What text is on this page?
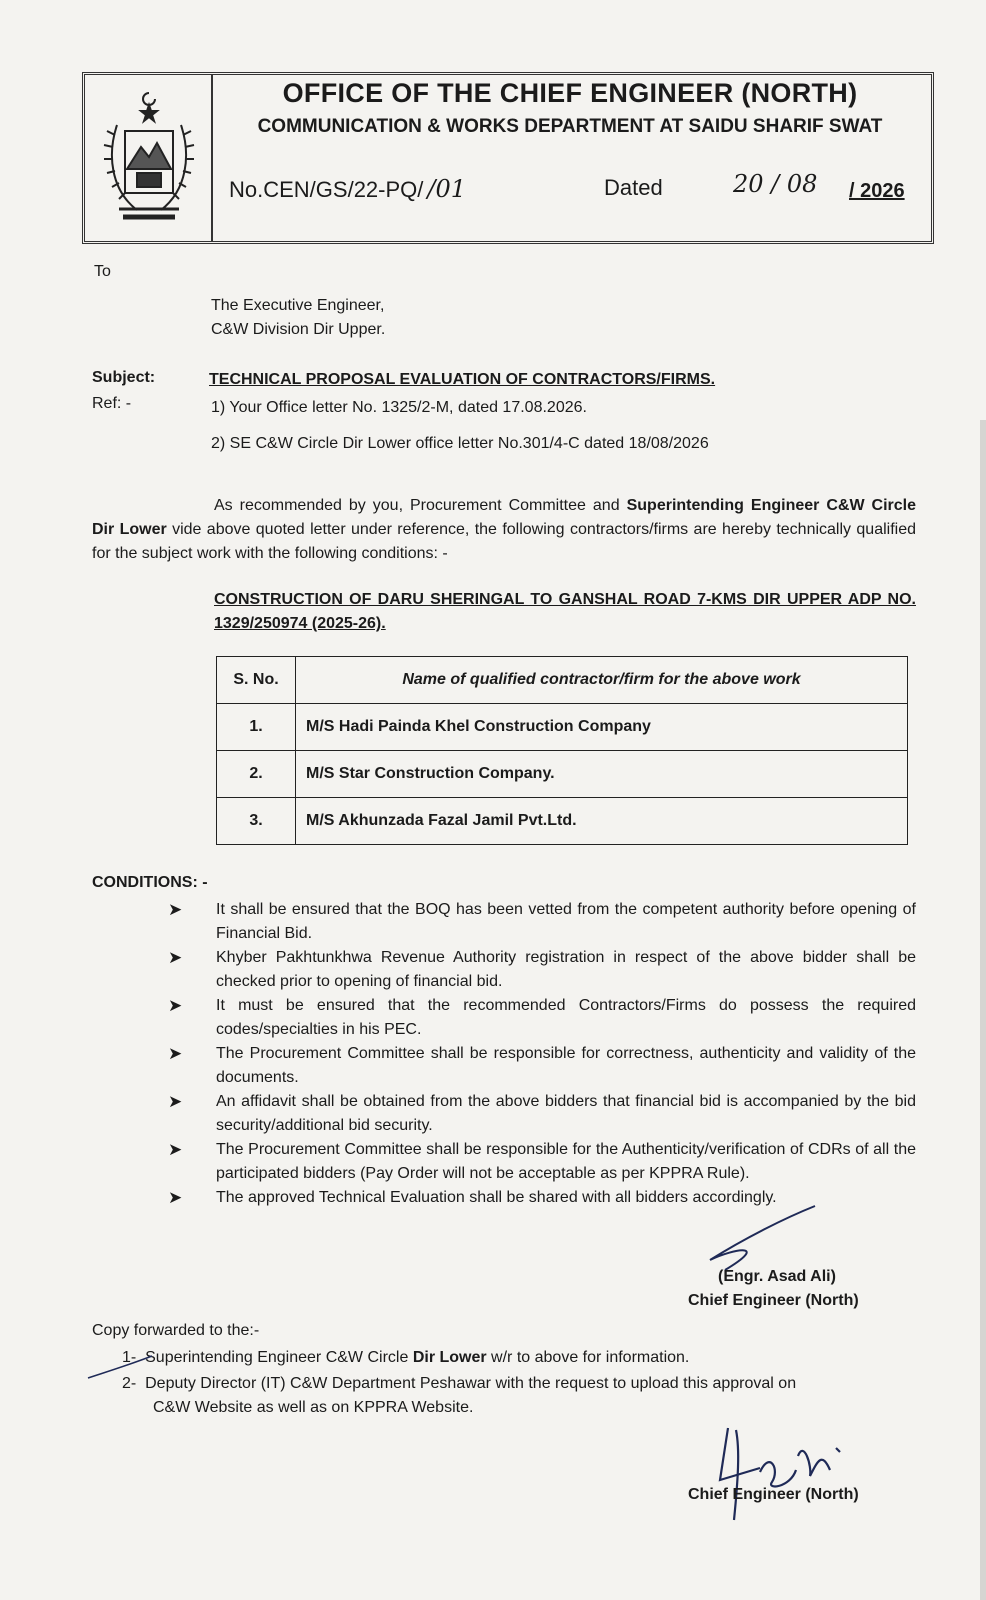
OFFICE OF THE CHIEF ENGINEER (NORTH)
COMMUNICATION & WORKS DEPARTMENT AT SAIDU SHARIF SWAT
No.CEN/GS/22-PQ/ /01	Dated	20 / 08 / 2026
To
The Executive Engineer,
C&W Division Dir Upper.
Subject:	TECHNICAL PROPOSAL EVALUATION OF CONTRACTORS/FIRMS.
Ref: -	1) Your Office letter No. 1325/2-M, dated 17.08.2026.
2) SE C&W Circle Dir Lower office letter No.301/4-C dated 18/08/2026
As recommended by you, Procurement Committee and Superintending Engineer C&W Circle Dir Lower vide above quoted letter under reference, the following contractors/firms are hereby technically qualified for the subject work with the following conditions: -
CONSTRUCTION OF DARU SHERINGAL TO GANSHAL ROAD 7-KMS DIR UPPER ADP NO. 1329/250974 (2025-26).
S. No.	Name of qualified contractor/firm for the above work
1.	M/S Hadi Painda Khel Construction Company
2.	M/S Star Construction Company.
3.	M/S Akhunzada Fazal Jamil Pvt.Ltd.
CONDITIONS: -
➤ It shall be ensured that the BOQ has been vetted from the competent authority before opening of Financial Bid.
➤ Khyber Pakhtunkhwa Revenue Authority registration in respect of the above bidder shall be checked prior to opening of financial bid.
➤ It must be ensured that the recommended Contractors/Firms do possess the required codes/specialties in his PEC.
➤ The Procurement Committee shall be responsible for correctness, authenticity and validity of the documents.
➤ An affidavit shall be obtained from the above bidders that financial bid is accompanied by the bid security/additional bid security.
➤ The Procurement Committee shall be responsible for the Authenticity/verification of CDRs of all the participated bidders (Pay Order will not be acceptable as per KPPRA Rule).
➤ The approved Technical Evaluation shall be shared with all bidders accordingly.
(Engr. Asad Ali)
Chief Engineer (North)
Copy forwarded to the:-
1- Superintending Engineer C&W Circle Dir Lower w/r to above for information.
2- Deputy Director (IT) C&W Department Peshawar with the request to upload this approval on
C&W Website as well as on KPPRA Website.
Chief Engineer (North)
